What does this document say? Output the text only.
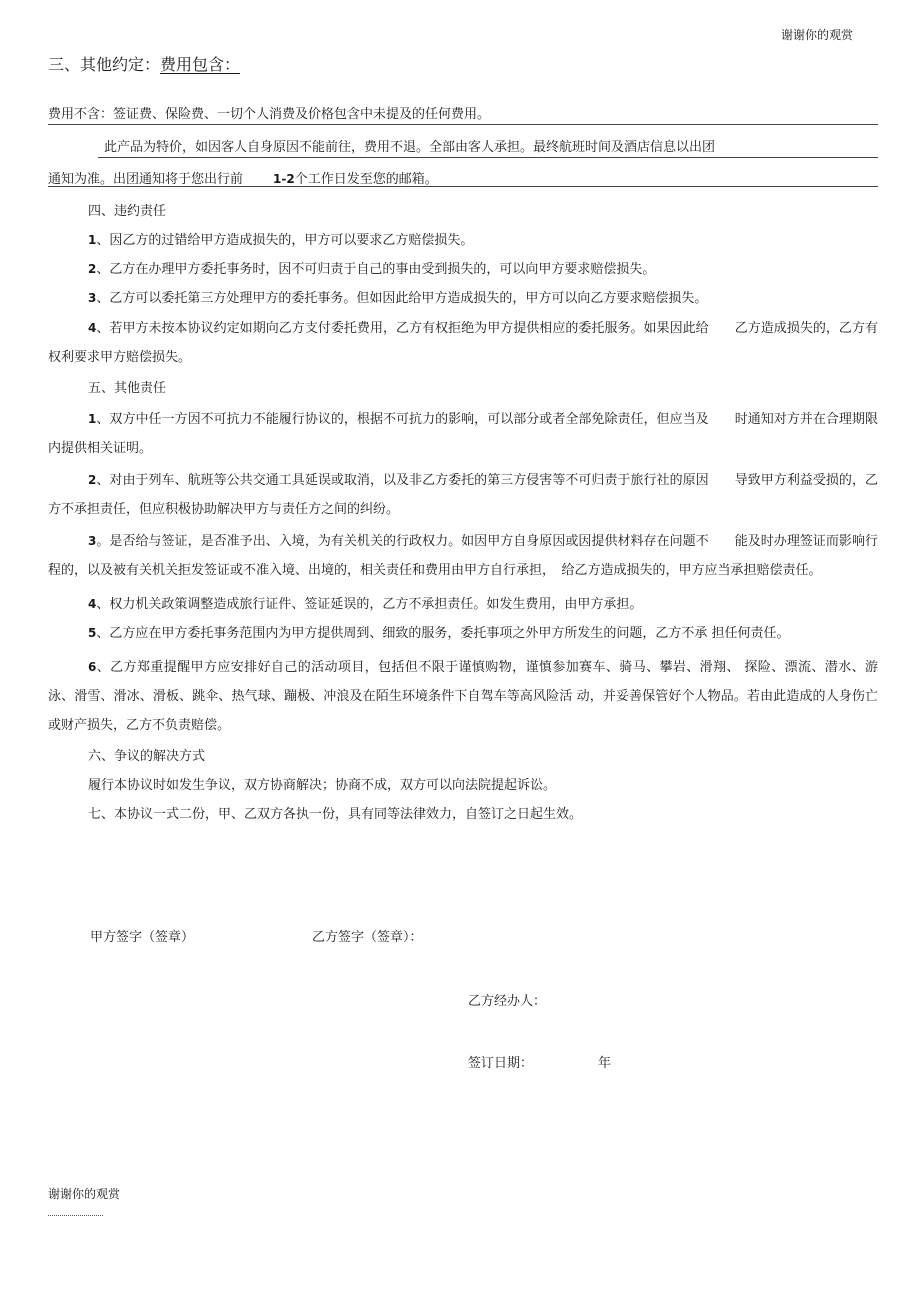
谢谢你的观赏
三、其他约定：费用包含：
费用不含：签证费、保险费、一切个人消费及价格包含中未提及的任何费用。
此产品为特价，如因客人自身原因不能前往，费用不退。全部由客人承担。最终航班时间及酒店信息以出团
通知为准。出团通知将于您出行前	1-2个工作日发至您的邮箱。
四、违约责任
1、因乙方的过错给甲方造成损失的，甲方可以要求乙方赔偿损失。
2、乙方在办理甲方委托事务时，因不可归责于自己的事由受到损失的，可以向甲方要求赔偿损失。
3、乙方可以委托第三方处理甲方的委托事务。但如因此给甲方造成损失的，甲方可以向乙方要求赔偿损失。
4、若甲方未按本协议约定如期向乙方支付委托费用，乙方有权拒绝为甲方提供相应的委托服务。如果因此给　　乙方造成损失的，乙方有权利要求甲方赔偿损失。
五、其他责任
1、双方中任一方因不可抗力不能履行协议的，根据不可抗力的影响，可以部分或者全部免除责任，但应当及　　时通知对方并在合理期限内提供相关证明。
2、对由于列车、航班等公共交通工具延误或取消，以及非乙方委托的第三方侵害等不可归责于旅行社的原因　　导致甲方利益受损的，乙方不承担责任，但应积极协助解决甲方与责任方之间的纠纷。
3。是否给与签证，是否准予出、入境，为有关机关的行政权力。如因甲方自身原因或因提供材料存在问题不　　能及时办理签证而影响行程的，以及被有关机关拒发签证或不准入境、出境的，相关责任和费用由甲方自行承担，　给乙方造成损失的，甲方应当承担赔偿责任。
4、权力机关政策调整造成旅行证件、签证延误的，乙方不承担责任。如发生费用，由甲方承担。
5、乙方应在甲方委托事务范围内为甲方提供周到、细致的服务，委托事项之外甲方所发生的问题，乙方不承 担任何责任。
6、乙方郑重提醒甲方应安排好自己的活动项目，包括但不限于谨慎购物，谨慎参加赛车、骑马、攀岩、滑翔、 探险、漂流、潜水、游泳、滑雪、滑冰、滑板、跳伞、热气球、蹦极、冲浪及在陌生环境条件下自驾车等高风险活 动，并妥善保管好个人物品。若由此造成的人身伤亡或财产损失，乙方不负责赔偿。
六、争议的解决方式
履行本协议时如发生争议，双方协商解决；协商不成，双方可以向法院提起诉讼。
七、本协议一式二份，甲、乙双方各执一份，具有同等法律效力，自签订之日起生效。
甲方签字（签章）	乙方签字（签章）：
乙方经办人：
签订日期：	年
谢谢你的观赏
